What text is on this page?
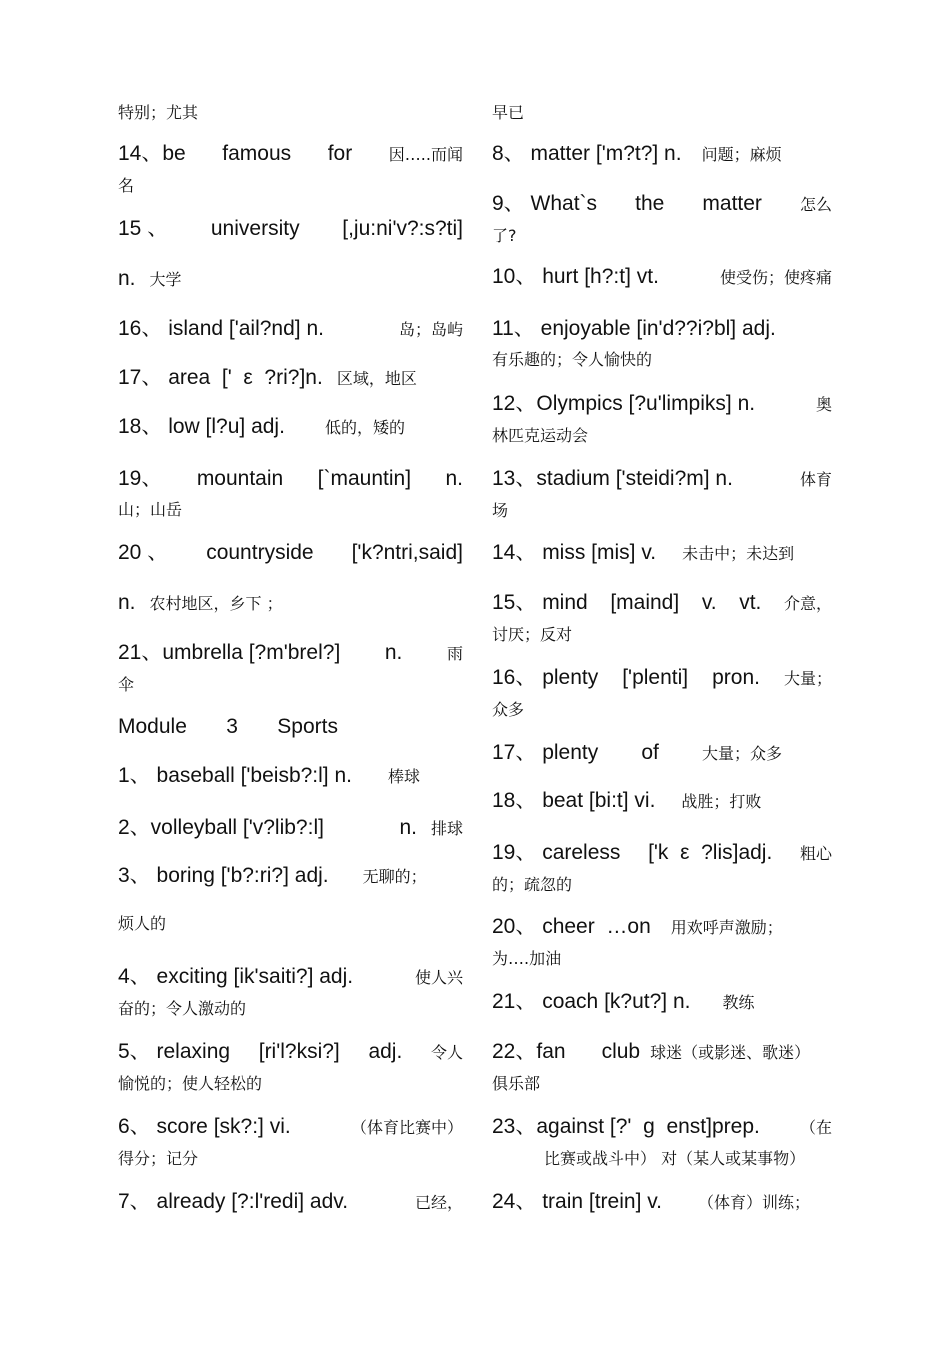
特别；尤其
14、be famous for 因…..而闻
名
15 、 university [,ju:ni'v?:s?ti]
n. 大学
16、 island ['ail?nd] n.	岛；岛屿
17、 area  ['  ε  ?ri?]n. 区域，地区
18、 low [l?u] adj.	低的，矮的
19、 mountain [`mauntin] n.
山；山岳
20 、 countryside ['k?ntri,said]
n. 农村地区，乡下 ；
21、umbrella [?m'brel?] n.	雨
伞
Module 3 Sports
1、 baseball ['beisb?:l] n. 棒球
2、volleyball ['v?lib?:l]	n. 排球
3、 boring ['b?:ri?] adj. 无聊的；
烦人的
4、 exciting [ik'saiti?] adj.	使人兴
奋的；令人激动的
5、 relaxing [ri'l?ksi?] adj. 令人
愉悦的；使人轻松的
6、 score [sk?:] vi.	（体育比赛中）
得分；记分
7、 already [?:l'redi] adv.	已经，
早已
8、 matter ['m?t?] n. 问题；麻烦
9、 What`s the matter 怎么
了?
10、 hurt [h?:t] vt.	使受伤；使疼痛
11、 enjoyable [in'd??i?bl] adj.
有乐趣的；令人愉快的
12、Olympics [?u'limpiks] n.	奥
林匹克运动会
13、stadium ['steidi?m] n.	体育
场
14、 miss [mis] v. 未击中；未达到
15、 mind [maind] v. vt. 介意，
讨厌；反对
16、 plenty ['plenti] pron. 大量；
众多
17、 plenty of	大量；众多
18、 beat [bi:t] vi. 战胜；打败
19、 careless ['k  ε  ?lis]adj. 粗心
的；疏忽的
20、 cheer  …on 用欢呼声激励；
为….加油
21、 coach [k?ut?] n. 教练
22、fan club 球迷（或影迷、歌迷）
俱乐部
23、against [?'  ɡ  enst]prep.	（在
比赛或战斗中） 对（某人或某事物）
24、 train [trein] v. （体育）训练；
